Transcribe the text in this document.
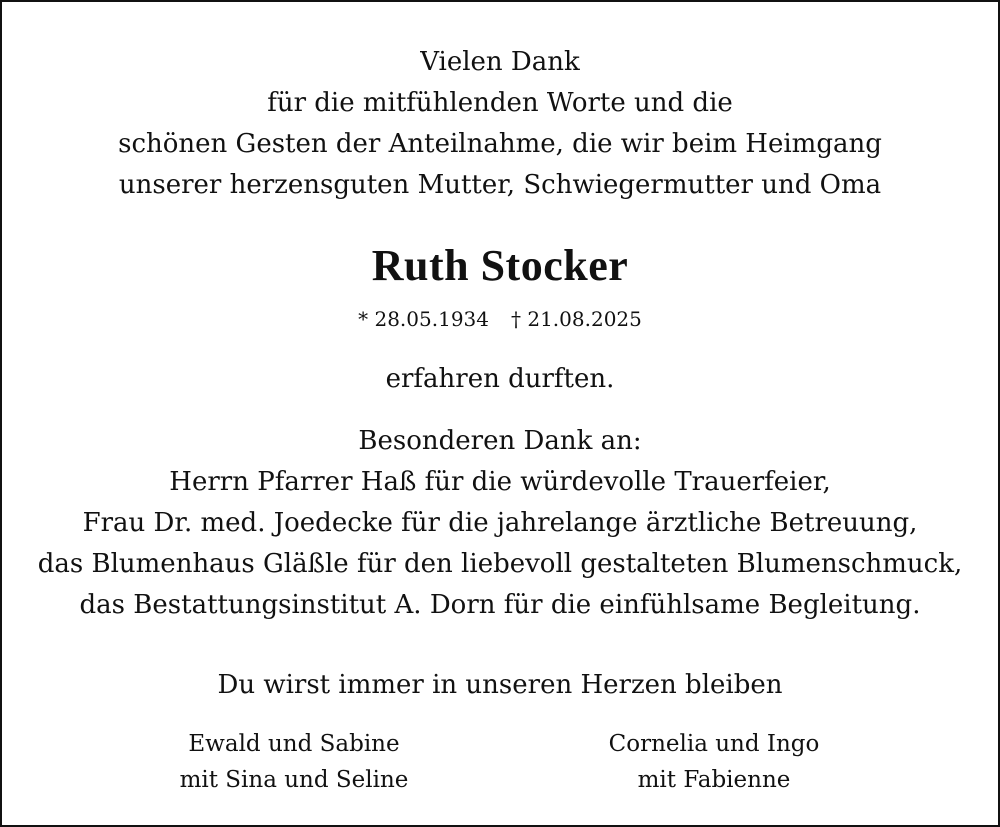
Vielen Dank
für die mitfühlenden Worte und die
schönen Gesten der Anteilnahme, die wir beim Heimgang
unserer herzensguten Mutter, Schwiegermutter und Oma
Ruth Stocker
* 28.05.1934 † 21.08.2025
erfahren durften.
Besonderen Dank an:
Herrn Pfarrer Haß für die würdevolle Trauerfeier,
Frau Dr. med. Joedecke für die jahrelange ärztliche Betreuung,
das Blumenhaus Gläßle für den liebevoll gestalteten Blumenschmuck,
das Bestattungsinstitut A. Dorn für die einfühlsame Begleitung.
Du wirst immer in unseren Herzen bleiben
Ewald und Sabine
mit Sina und Seline
Cornelia und Ingo
mit Fabienne
